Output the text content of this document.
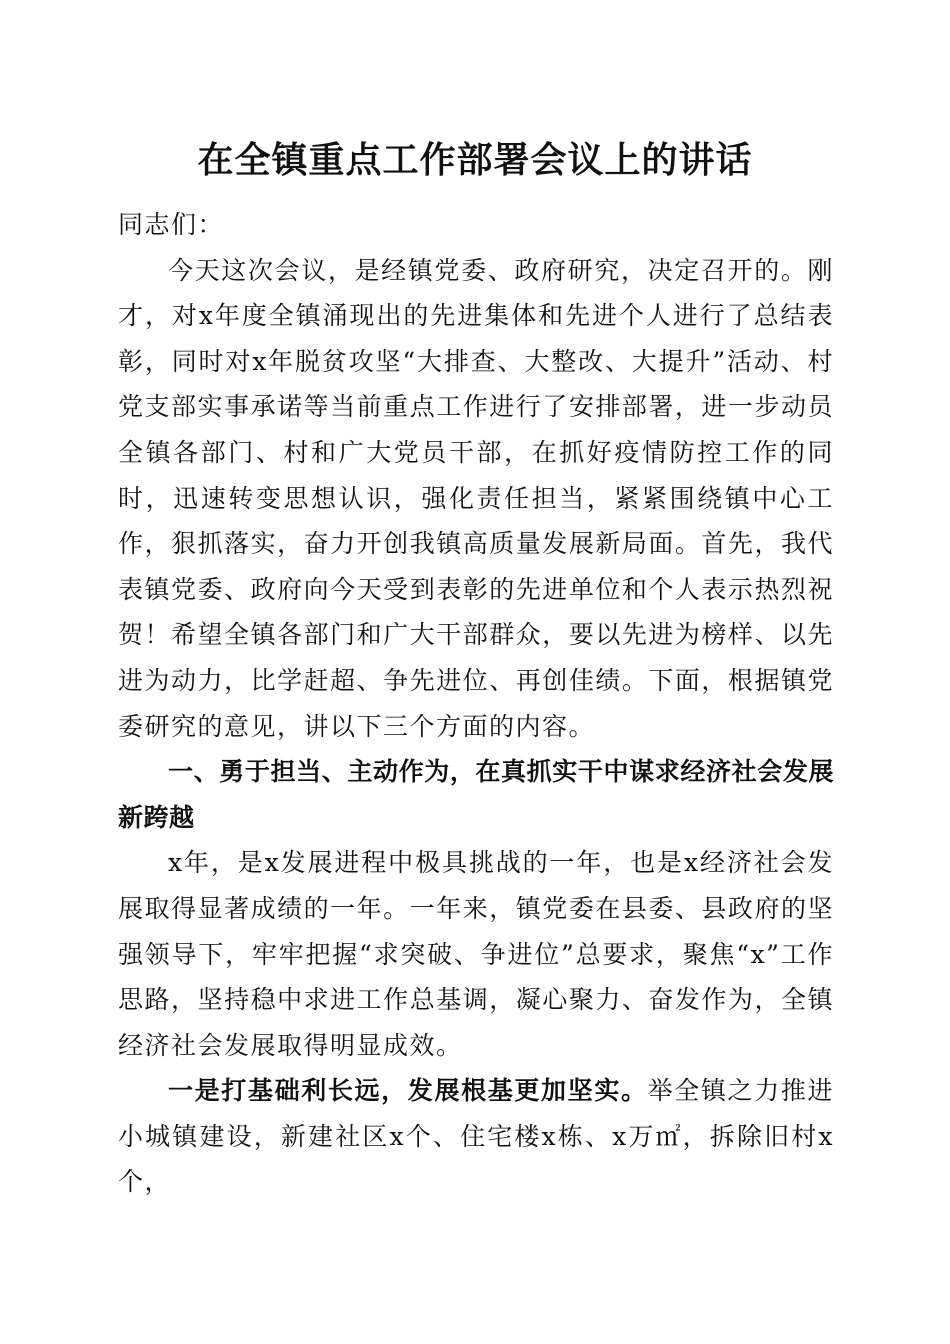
在全镇重点工作部署会议上的讲话

同志们：

今天这次会议，是经镇党委、政府研究，决定召开的。刚才，对x年度全镇涌现出的先进集体和先进个人进行了总结表彰，同时对x年脱贫攻坚“大排查、大整改、大提升”活动、村党支部实事承诺等当前重点工作进行了安排部署，进一步动员全镇各部门、村和广大党员干部，在抓好疫情防控工作的同时，迅速转变思想认识，强化责任担当，紧紧围绕镇中心工作，狠抓落实，奋力开创我镇高质量发展新局面。首先，我代表镇党委、政府向今天受到表彰的先进单位和个人表示热烈祝贺！希望全镇各部门和广大干部群众，要以先进为榜样、以先进为动力，比学赶超、争先进位、再创佳绩。下面，根据镇党委研究的意见，讲以下三个方面的内容。

一、勇于担当、主动作为，在真抓实干中谋求经济社会发展新跨越

x年，是x发展进程中极具挑战的一年，也是x经济社会发展取得显著成绩的一年。一年来，镇党委在县委、县政府的坚强领导下，牢牢把握“求突破、争进位”总要求，聚焦“x”工作思路，坚持稳中求进工作总基调，凝心聚力、奋发作为，全镇经济社会发展取得明显成效。

一是打基础利长远，发展根基更加坚实。举全镇之力推进小城镇建设，新建社区x个、住宅楼x栋、x万㎡，拆除旧村x个，
